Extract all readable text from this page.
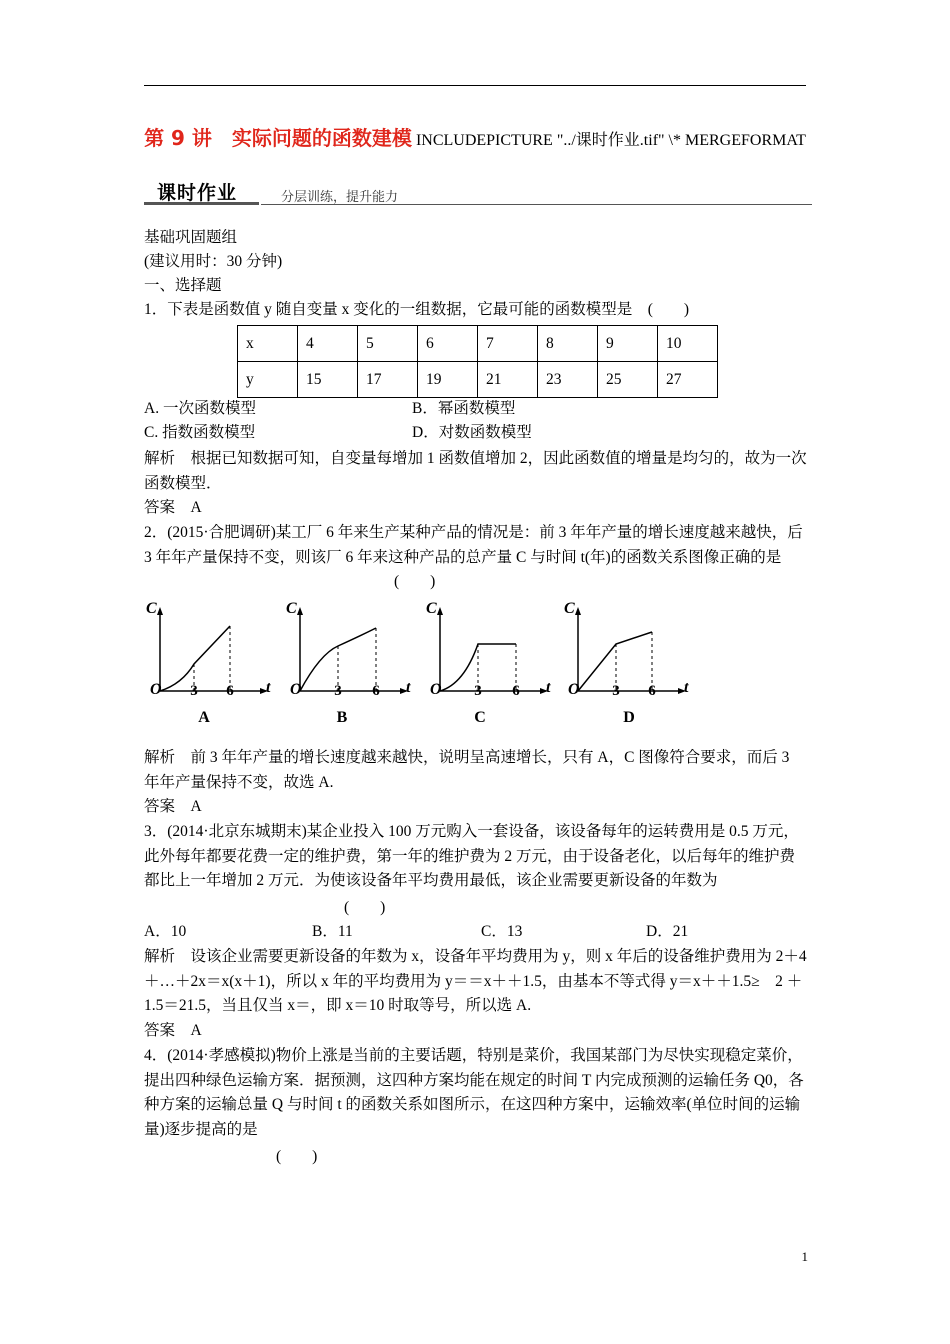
第 9 讲　实际问题的函数建模 INCLUDEPICTURE "../课时作业.tif" \* MERGEFORMAT
课时作业	分层训练，提升能力
基础巩固题组
(建议用时：30 分钟)
一、选择题
1．下表是函数值 y 随自变量 x 变化的一组数据，它最可能的函数模型是　(　　)
x	4	5	6	7	8	9	10
y	15	17	19	21	23	25	27
A. 一次函数模型	B．幂函数模型
C. 指数函数模型	D．对数函数模型
解析　根据已知数据可知，自变量每增加 1 函数值增加 2，因此函数值的增量是均匀的，故为一次函数模型．
答案　A
2．(2015·合肥调研)某工厂 6 年来生产某种产品的情况是：前 3 年年产量的增长速度越来越快，后 3 年年产量保持不变，则该厂 6 年来这种产品的总产量 C 与时间 t(年)的函数关系图像正确的是(　　)
C
t
O
C
t
O
C
t
O
C
t
O
3 6	3 6	3 6	3 6
A	B	C	D
解析　前 3 年年产量的增长速度越来越快，说明呈高速增长，只有 A，C 图像符合要求，而后 3 年年产量保持不变，故选 A.
答案　A
3．(2014·北京东城期末)某企业投入 100 万元购入一套设备，该设备每年的运转费用是 0.5 万元，此外每年都要花费一定的维护费，第一年的维护费为 2 万元，由于设备老化，以后每年的维护费都比上一年增加 2 万元．为使该设备年平均费用最低，该企业需要更新设备的年数为
(　　)
A．10	B．11	C．13	D．21
解析　设该企业需要更新设备的年数为 x，设备年平均费用为 y，则 x 年后的设备维护费用为 2＋4＋…＋2x＝x(x＋1)，所以 x 年的平均费用为 y＝＝x＋＋1.5，由基本不等式得 y＝x＋＋1.5≥　2 ＋1.5＝21.5，当且仅当 x＝，即 x＝10 时取等号，所以选 A.
答案　A
4．(2014·孝感模拟)物价上涨是当前的主要话题，特别是菜价，我国某部门为尽快实现稳定菜价，提出四种绿色运输方案．据预测，这四种方案均能在规定的时间 T 内完成预测的运输任务 Q0，各种方案的运输总量 Q 与时间 t 的函数关系如图所示，在这四种方案中，运输效率(单位时间的运输量)逐步提高的是
(　　)
1
